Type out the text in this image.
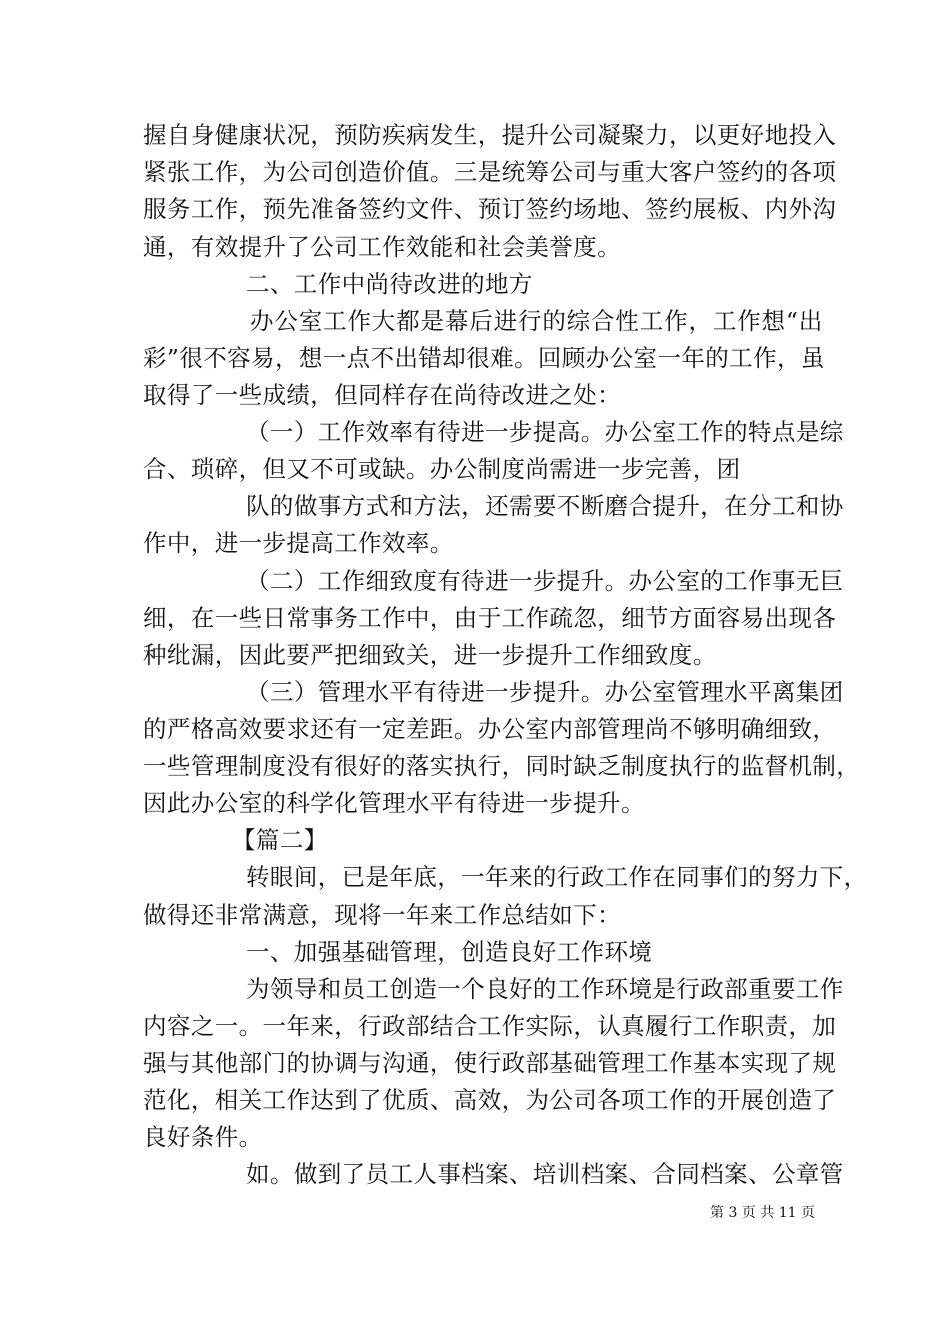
握 自 身 健 康 状 况 ， 预 防 疾 病 发 生 ， 提 升 公 司 凝 聚 力 ， 以 更 好 地 投 入
紧 张 工 作 ， 为 公 司 创 造 价 值 。 三 是 统 筹 公 司 与 重 大 客 户 签 约 的 各 项
服 务 工 作 ， 预 先 准 备 签 约 文 件 、 预 订 签 约 场 地 、 签 约 展 板 、 内 外 沟
通，有效提升了公司工作效能和社会美誉度。
二、工作中尚待改进的地方
办 公 室 工 作 大 都 是 幕 后 进 行 的 综 合 性 工 作 ， 工 作 想 “ 出
彩 ” 很 不 容 易 ， 想 一 点 不 出 错 却 很 难 。 回 顾 办 公 室 一 年 的 工 作 ， 虽
取得了一些成绩，但同样存在尚待改进之处：
（ 一 ） 工 作 效 率 有 待 进 一 步 提 高 。 办 公 室 工 作 的 特 点 是 综
合、琐碎，但又不可或缺。办公制度尚需进一步完善，团
队 的 做 事 方 式 和 方 法 ， 还 需 要 不 断 磨 合 提 升 ， 在 分 工 和 协
作中，进一步提高工作效率。
（ 二 ） 工 作 细 致 度 有 待 进 一 步 提 升 。 办 公 室 的 工 作 事 无 巨
细 ， 在 一 些 日 常 事 务 工 作 中 ， 由 于 工 作 疏 忽 ， 细 节 方 面 容 易 出 现 各
种纰漏，因此要严把细致关，进一步提升工作细致度。
（ 三 ） 管 理 水 平 有 待 进 一 步 提 升 。 办 公 室 管 理 水 平 离 集 团
的 严 格 高 效 要 求 还 有 一 定 差 距 。 办 公 室 内 部 管 理 尚 不 够 明 确 细 致 ，
一 些 管 理 制 度 没 有 很 好 的 落 实 执 行 ， 同 时 缺 乏 制 度 执 行 的 监 督 机 制 ，
因此办公室的科学化管理水平有待进一步提升。
【篇二】
转 眼 间 ， 已 是 年 底 ， 一 年 来 的 行 政 工 作 在 同 事 们 的 努 力 下 ，
做得还非常满意，现将一年来工作总结如下：
一、加强基础管理，创造良好工作环境
为 领 导 和 员 工 创 造 一 个 良 好 的 工 作 环 境 是 行 政 部 重 要 工 作
内 容 之 一 。 一 年 来 ， 行 政 部 结 合 工 作 实 际 ， 认 真 履 行 工 作 职 责 ， 加
强 与 其 他 部 门 的 协 调 与 沟 通 ， 使 行 政 部 基 础 管 理 工 作 基 本 实 现 了 规
范 化 ， 相 关 工 作 达 到 了 优 质 、 高 效 ， 为 公 司 各 项 工 作 的 开 展 创 造 了
良好条件。
如 。 做 到 了 员 工 人 事 档 案 、 培 训 档 案 、 合 同 档 案 、 公 章 管
第 3 页 共 11 页
